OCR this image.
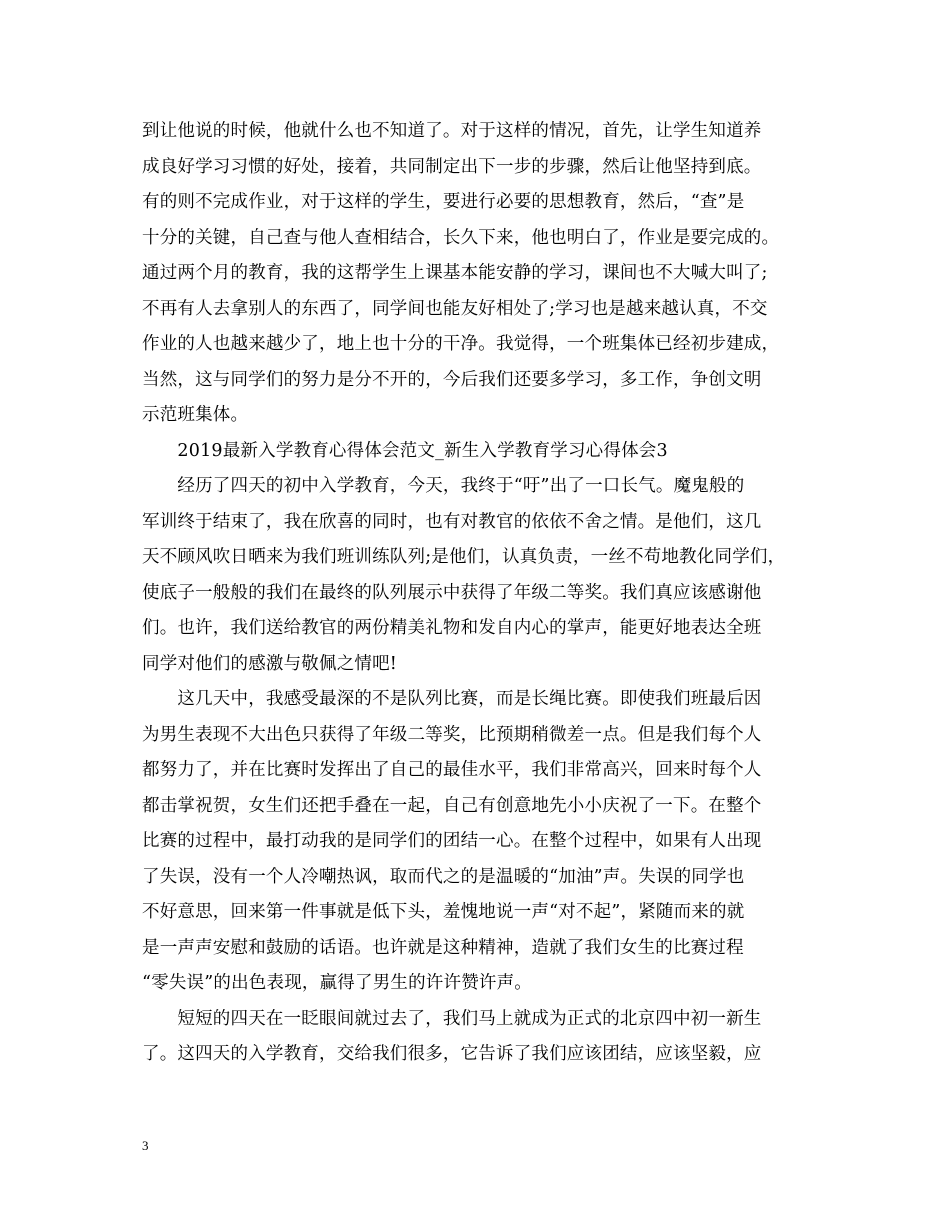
到让他说的时候，他就什么也不知道了。对于这样的情况，首先，让学生知道养
成良好学习习惯的好处，接着，共同制定出下一步的步骤，然后让他坚持到底。
有的则不完成作业，对于这样的学生，要进行必要的思想教育，然后，“查”是
十分的关键，自己查与他人查相结合，长久下来，他也明白了，作业是要完成的。
通过两个月的教育，我的这帮学生上课基本能安静的学习，课间也不大喊大叫了;
不再有人去拿别人的东西了，同学间也能友好相处了;学习也是越来越认真，不交
作业的人也越来越少了，地上也十分的干净。我觉得，一个班集体已经初步建成，
当然，这与同学们的努力是分不开的，今后我们还要多学习，多工作，争创文明
示范班集体。
　　2019最新入学教育心得体会范文_新生入学教育学习心得体会3
　　经历了四天的初中入学教育，今天，我终于“吁”出了一口长气。魔鬼般的
军训终于结束了，我在欣喜的同时，也有对教官的依依不舍之情。是他们，这几
天不顾风吹日晒来为我们班训练队列;是他们，认真负责，一丝不苟地教化同学们，
使底子一般般的我们在最终的队列展示中获得了年级二等奖。我们真应该感谢他
们。也许，我们送给教官的两份精美礼物和发自内心的掌声，能更好地表达全班
同学对他们的感激与敬佩之情吧!
　　这几天中，我感受最深的不是队列比赛，而是长绳比赛。即使我们班最后因
为男生表现不大出色只获得了年级二等奖，比预期稍微差一点。但是我们每个人
都努力了，并在比赛时发挥出了自己的最佳水平，我们非常高兴，回来时每个人
都击掌祝贺，女生们还把手叠在一起，自己有创意地先小小庆祝了一下。在整个
比赛的过程中，最打动我的是同学们的团结一心。在整个过程中，如果有人出现
了失误，没有一个人冷嘲热讽，取而代之的是温暖的“加油”声。失误的同学也
不好意思，回来第一件事就是低下头，羞愧地说一声“对不起”，紧随而来的就
是一声声安慰和鼓励的话语。也许就是这种精神，造就了我们女生的比赛过程
“零失误”的出色表现，赢得了男生的许许赞许声。
　　短短的四天在一眨眼间就过去了，我们马上就成为正式的北京四中初一新生
了。这四天的入学教育，交给我们很多，它告诉了我们应该团结，应该坚毅，应
3
